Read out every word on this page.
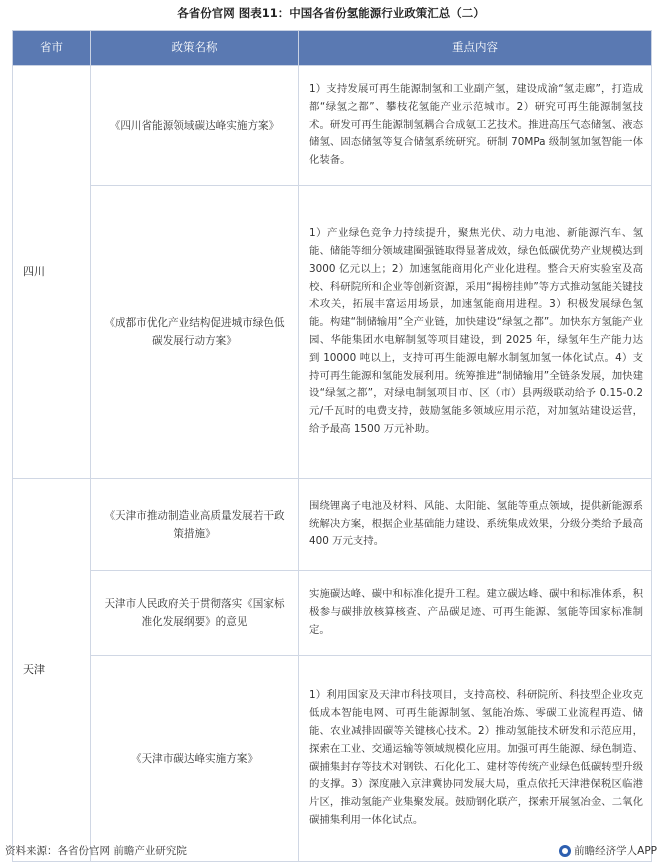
各省份官网 图表11：中国各省份氢能源行业政策汇总（二）
省市	政策名称	重点内容
四川	《四川省能源领域碳达峰实施方案》	1）支持发展可再生能源制氢和工业副产氢，建设成渝“氢走廊”，打造成都“绿氢之都”、攀枝花氢能产业示范城市。2）研究可再生能源制氢技术。研发可再生能源制氢耦合合成氨工艺技术。推进高压气态储氢、液态储氢、固态储氢等复合储氢系统研究。研制 70MPa 级制氢加氢智能一体化装备。
	《成都市优化产业结构促进城市绿色低碳发展行动方案》	1）产业绿色竞争力持续提升，聚焦光伏、动力电池、新能源汽车、氢能、储能等细分领域建圈强链取得显著成效，绿色低碳优势产业规模达到 3000 亿元以上；2）加速氢能商用化产业化进程。整合天府实验室及高校、科研院所和企业等创新资源，采用“揭榜挂帅”等方式推动氢能关键技术攻关，拓展丰富运用场景，加速氢能商用进程。3）积极发展绿色氢能。构建“制储输用”全产业链，加快建设“绿氢之都”。加快东方氢能产业园、华能集团水电解制氢等项目建设，到 2025 年，绿氢年生产能力达到 10000 吨以上，支持可再生能源电解水制氢加氢一体化试点。4）支持可再生能源和氢能发展利用。统筹推进“制储输用”全链条发展，加快建设“绿氢之都”，对绿电制氢项目市、区（市）县两级联动给予 0.15-0.2 元/千瓦时的电费支持，鼓励氢能多领域应用示范，对加氢站建设运营，给予最高 1500 万元补助。
天津	《天津市推动制造业高质量发展若干政策措施》	围绕锂离子电池及材料、风能、太阳能、氢能等重点领域，提供新能源系统解决方案，根据企业基础能力建设、系统集成效果，分级分类给予最高 400 万元支持。
	天津市人民政府关于贯彻落实《国家标准化发展纲要》的意见	实施碳达峰、碳中和标准化提升工程。建立碳达峰、碳中和标准体系，积极参与碳排放核算核查、产品碳足迹、可再生能源、氢能等国家标准制定。
	《天津市碳达峰实施方案》	1）利用国家及天津市科技项目，支持高校、科研院所、科技型企业攻克低成本智能电网、可再生能源制氢、氢能冶炼、零碳工业流程再造、储能、农业减排固碳等关键核心技术。2）推动氢能技术研发和示范应用，探索在工业、交通运输等领域规模化应用。加强可再生能源、绿色制造、碳捕集封存等技术对钢铁、石化化工、建材等传统产业绿色低碳转型升级的支撑。3）深度融入京津冀协同发展大局，重点依托天津港保税区临港片区，推动氢能产业集聚发展。鼓励钢化联产，探索开展氢冶金、二氧化碳捕集利用一体化试点。
资料来源：各省份官网 前瞻产业研究院	前瞻经济学人APP
